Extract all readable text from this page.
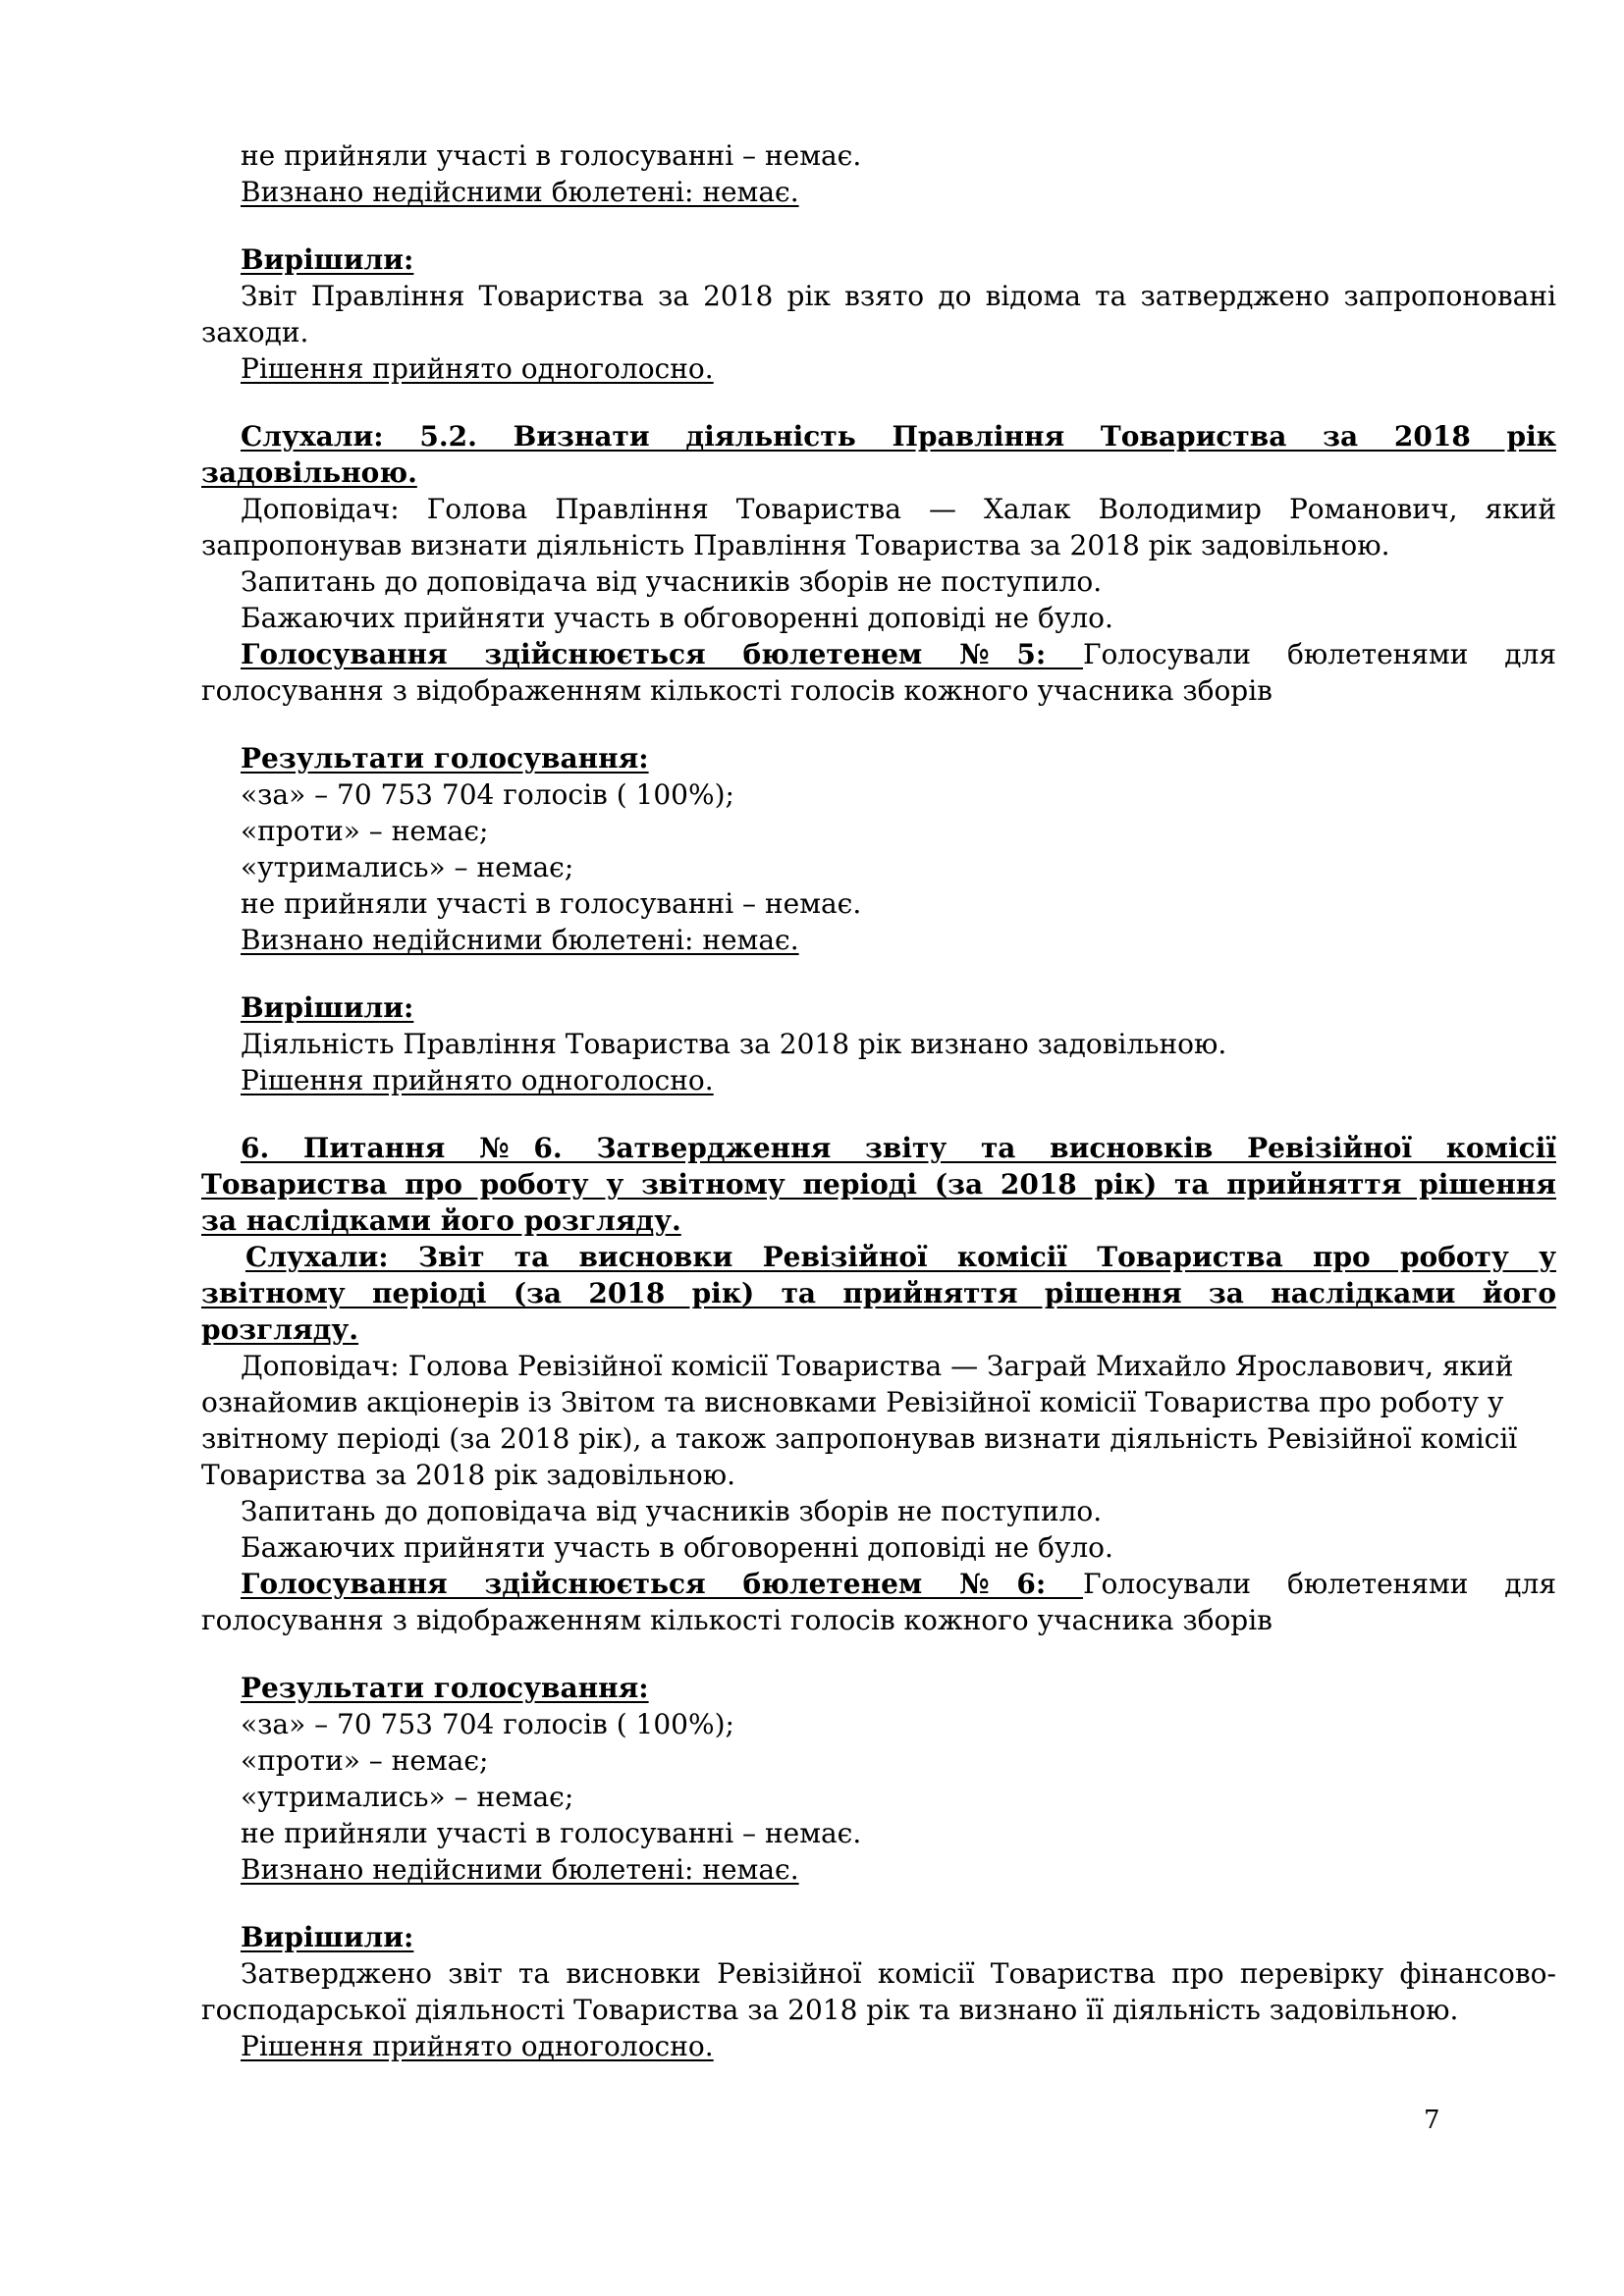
не прийняли участі в голосуванні – немає.
Визнано недійсними бюлетені: немає.
Вирішили:
Звіт Правління Товариства за 2018 рік взято до відома та затверджено запропоновані
заходи.
Рішення прийнято одноголосно.
Слухали: 5.2. Визнати діяльність Правління Товариства за 2018 рік
задовільною.
Доповідач: Голова Правління Товариства — Халак Володимир Романович, який
запропонував визнати діяльність Правління Товариства за 2018 рік задовільною.
Запитань до доповідача від учасників зборів не поступило.
Бажаючих прийняти участь в обговоренні доповіді не було.
Голосування здійснюється бюлетенем №5: Голосували бюлетенями для
голосування з відображенням кількості голосів кожного учасника зборів
Результати голосування:
«за» – 70 753 704 голосів ( 100%);
«проти» – немає;
«утримались» – немає;
не прийняли участі в голосуванні – немає.
Визнано недійсними бюлетені: немає.
Вирішили:
Діяльність Правління Товариства за 2018 рік визнано задовільною.
Рішення прийнято одноголосно.
6. Питання №6. Затвердження звіту та висновків Ревізійної комісії
Товариства про роботу у звітному періоді (за 2018 рік) та прийняття рішення
за наслідками його розгляду.
Слухали: Звіт та висновки Ревізійної комісії Товариства про роботу у
звітному періоді (за 2018 рік) та прийняття рішення за наслідками його
розгляду.
Доповідач: Голова Ревізійної комісії Товариства — Заграй Михайло Ярославович, який
ознайомив акціонерів із Звітом та висновками Ревізійної комісії Товариства про роботу у
звітному періоді (за 2018 рік), а також запропонував визнати діяльність Ревізійної комісії
Товариства за 2018 рік задовільною.
Запитань до доповідача від учасників зборів не поступило.
Бажаючих прийняти участь в обговоренні доповіді не було.
Голосування здійснюється бюлетенем №6: Голосували бюлетенями для
голосування з відображенням кількості голосів кожного учасника зборів
Результати голосування:
«за» – 70 753 704 голосів ( 100%);
«проти» – немає;
«утримались» – немає;
не прийняли участі в голосуванні – немає.
Визнано недійсними бюлетені: немає.
Вирішили:
Затверджено звіт та висновки Ревізійної комісії Товариства про перевірку фінансово-
господарської діяльності Товариства за 2018 рік та визнано її діяльність задовільною.
Рішення прийнято одноголосно.
7
